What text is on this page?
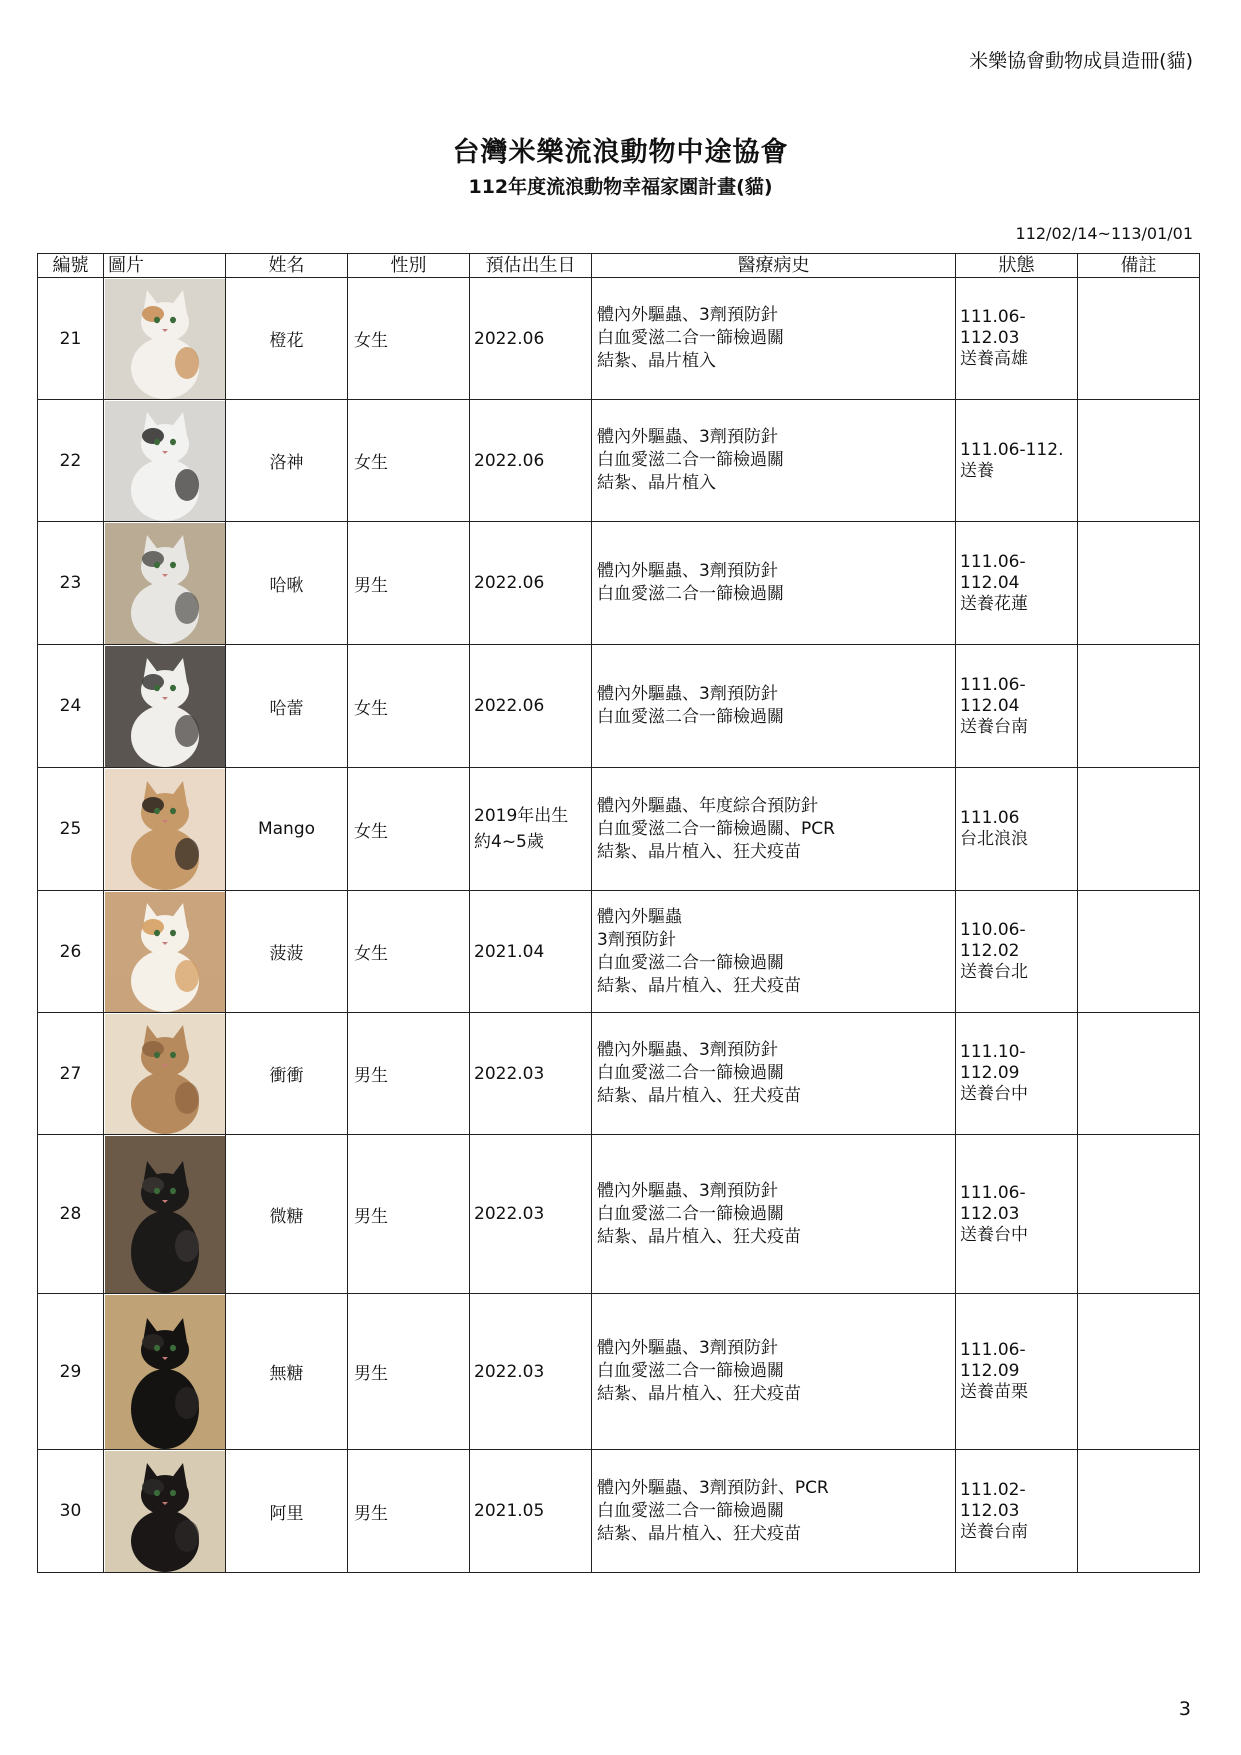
米樂協會動物成員造冊(貓)
台灣米樂流浪動物中途協會
112年度流浪動物幸福家園計畫(貓)
112/02/14~113/01/01
編號	圖片	姓名	性別	預估出生日	醫療病史	狀態	備註
21		橙花	女生	2022.06	體內外驅蟲、3劑預防針
白血愛滋二合一篩檢過關
結紮、晶片植入	111.06-112.03
送養高雄	

22		洛神	女生	2022.06	體內外驅蟲、3劑預防針
白血愛滋二合一篩檢過關
結紮、晶片植入	111.06-112.
送養	

23		哈啾	男生	2022.06	體內外驅蟲、3劑預防針
白血愛滋二合一篩檢過關	111.06-112.04
送養花蓮	

24		哈蕾	女生	2022.06	體內外驅蟲、3劑預防針
白血愛滋二合一篩檢過關	111.06-112.04
送養台南	

25		Mango	女生	2019年出生
約4~5歲	體內外驅蟲、年度綜合預防針
白血愛滋二合一篩檢過關、PCR
結紮、晶片植入、狂犬疫苗	111.06
台北浪浪	

26		菠菠	女生	2021.04	體內外驅蟲
3劑預防針
白血愛滋二合一篩檢過關
結紮、晶片植入、狂犬疫苗	110.06-112.02
送養台北	

27		衝衝	男生	2022.03	體內外驅蟲、3劑預防針
白血愛滋二合一篩檢過關
結紮、晶片植入、狂犬疫苗	111.10-112.09
送養台中	

28		微糖	男生	2022.03	體內外驅蟲、3劑預防針
白血愛滋二合一篩檢過關
結紮、晶片植入、狂犬疫苗	111.06-112.03
送養台中	

29		無糖	男生	2022.03	體內外驅蟲、3劑預防針
白血愛滋二合一篩檢過關
結紮、晶片植入、狂犬疫苗	111.06-112.09
送養苗栗	

30		阿里	男生	2021.05	體內外驅蟲、3劑預防針、PCR
白血愛滋二合一篩檢過關
結紮、晶片植入、狂犬疫苗	111.02-112.03
送養台南	

3
